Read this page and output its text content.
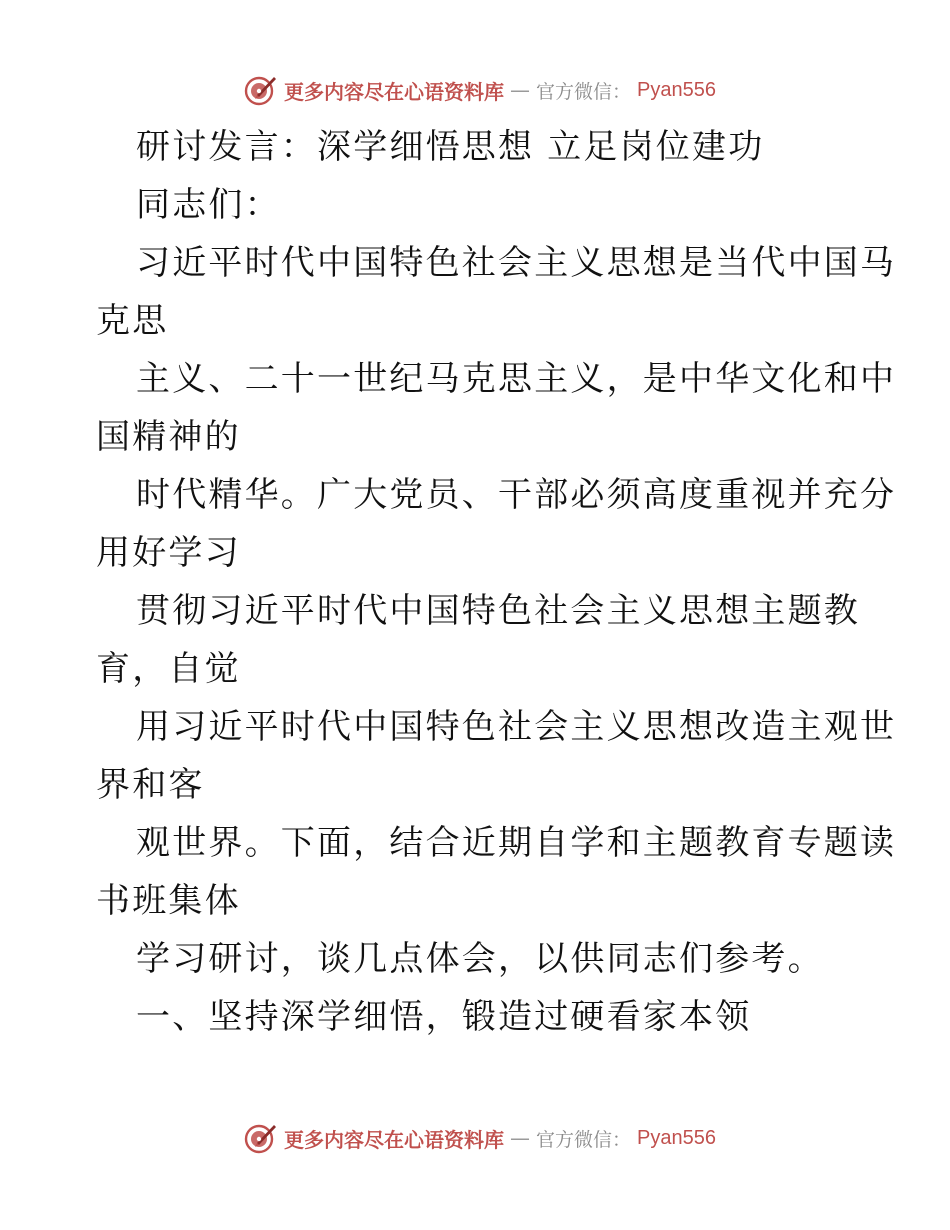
更多内容尽在心语资料库 — 官方微信： Pyan556
研讨发言：深学细悟思想 立足岗位建功
同志们：
习近平时代中国特色社会主义思想是当代中国马
克思
主义、二十一世纪马克思主义，是中华文化和中
国精神的
时代精华。广大党员、干部必须高度重视并充分
用好学习
贯彻习近平时代中国特色社会主义思想主题教
育，自觉
用习近平时代中国特色社会主义思想改造主观世
界和客
观世界。下面，结合近期自学和主题教育专题读
书班集体
学习研讨，谈几点体会，以供同志们参考。
一、坚持深学细悟，锻造过硬看家本领
更多内容尽在心语资料库 — 官方微信： Pyan556
